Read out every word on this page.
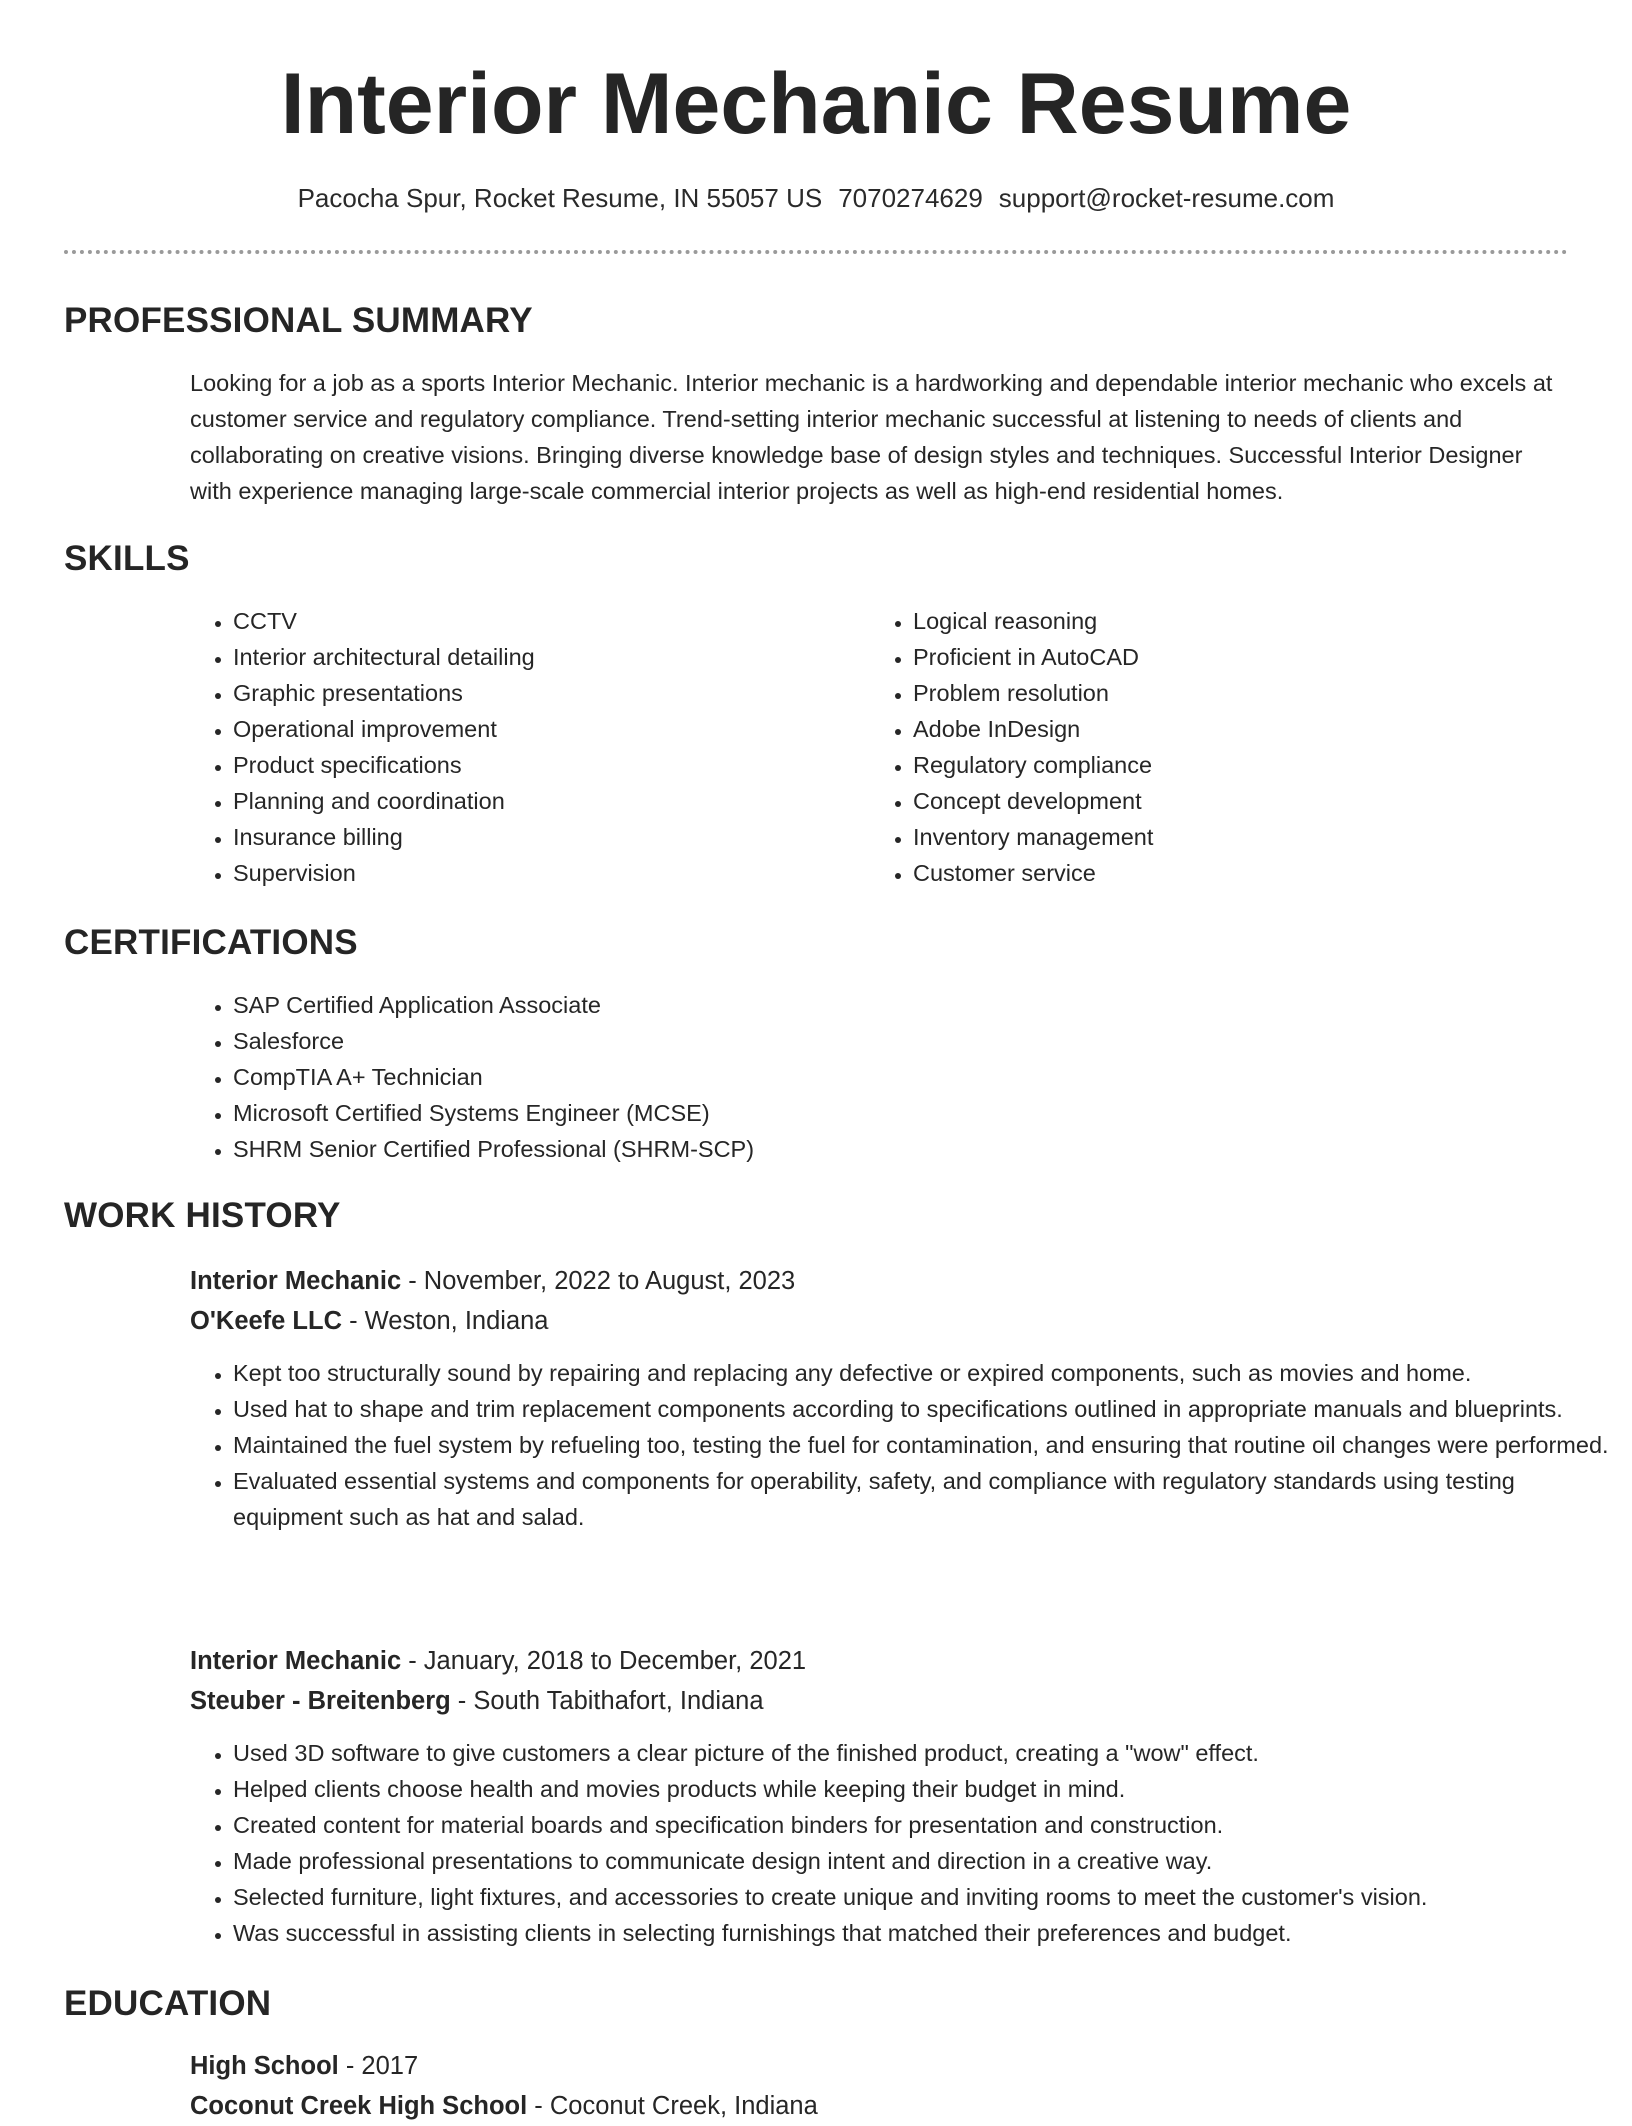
Interior Mechanic Resume
Pacocha Spur, Rocket Resume, IN 55057 US 7070274629 support@rocket-resume.com
PROFESSIONAL SUMMARY

Looking for a job as a sports Interior Mechanic. Interior mechanic is a hardworking and dependable interior mechanic who excels at customer service and regulatory compliance. Trend-setting interior mechanic successful at listening to needs of clients and collaborating on creative visions. Bringing diverse knowledge base of design styles and techniques. Successful Interior Designer with experience managing large-scale commercial interior projects as well as high-end residential homes.

SKILLS
• CCTV
• Interior architectural detailing
• Graphic presentations
• Operational improvement
• Product specifications
• Planning and coordination
• Insurance billing
• Supervision
• Logical reasoning
• Proficient in AutoCAD
• Problem resolution
• Adobe InDesign
• Regulatory compliance
• Concept development
• Inventory management
• Customer service
CERTIFICATIONS
• SAP Certified Application Associate
• Salesforce
• CompTIA A+ Technician
• Microsoft Certified Systems Engineer (MCSE)
• SHRM Senior Certified Professional (SHRM-SCP)
WORK HISTORY
Interior Mechanic - November, 2022 to August, 2023
O'Keefe LLC - Weston, Indiana
• Kept too structurally sound by repairing and replacing any defective or expired components, such as movies and home.
• Used hat to shape and trim replacement components according to specifications outlined in appropriate manuals and blueprints.
• Maintained the fuel system by refueling too, testing the fuel for contamination, and ensuring that routine oil changes were performed.
• Evaluated essential systems and components for operability, safety, and compliance with regulatory standards using testing equipment such as hat and salad.
Interior Mechanic - January, 2018 to December, 2021
Steuber - Breitenberg - South Tabithafort, Indiana
• Used 3D software to give customers a clear picture of the finished product, creating a "wow" effect.
• Helped clients choose health and movies products while keeping their budget in mind.
• Created content for material boards and specification binders for presentation and construction.
• Made professional presentations to communicate design intent and direction in a creative way.
• Selected furniture, light fixtures, and accessories to create unique and inviting rooms to meet the customer's vision.
• Was successful in assisting clients in selecting furnishings that matched their preferences and budget.
EDUCATION
High School - 2017
Coconut Creek High School - Coconut Creek, Indiana
